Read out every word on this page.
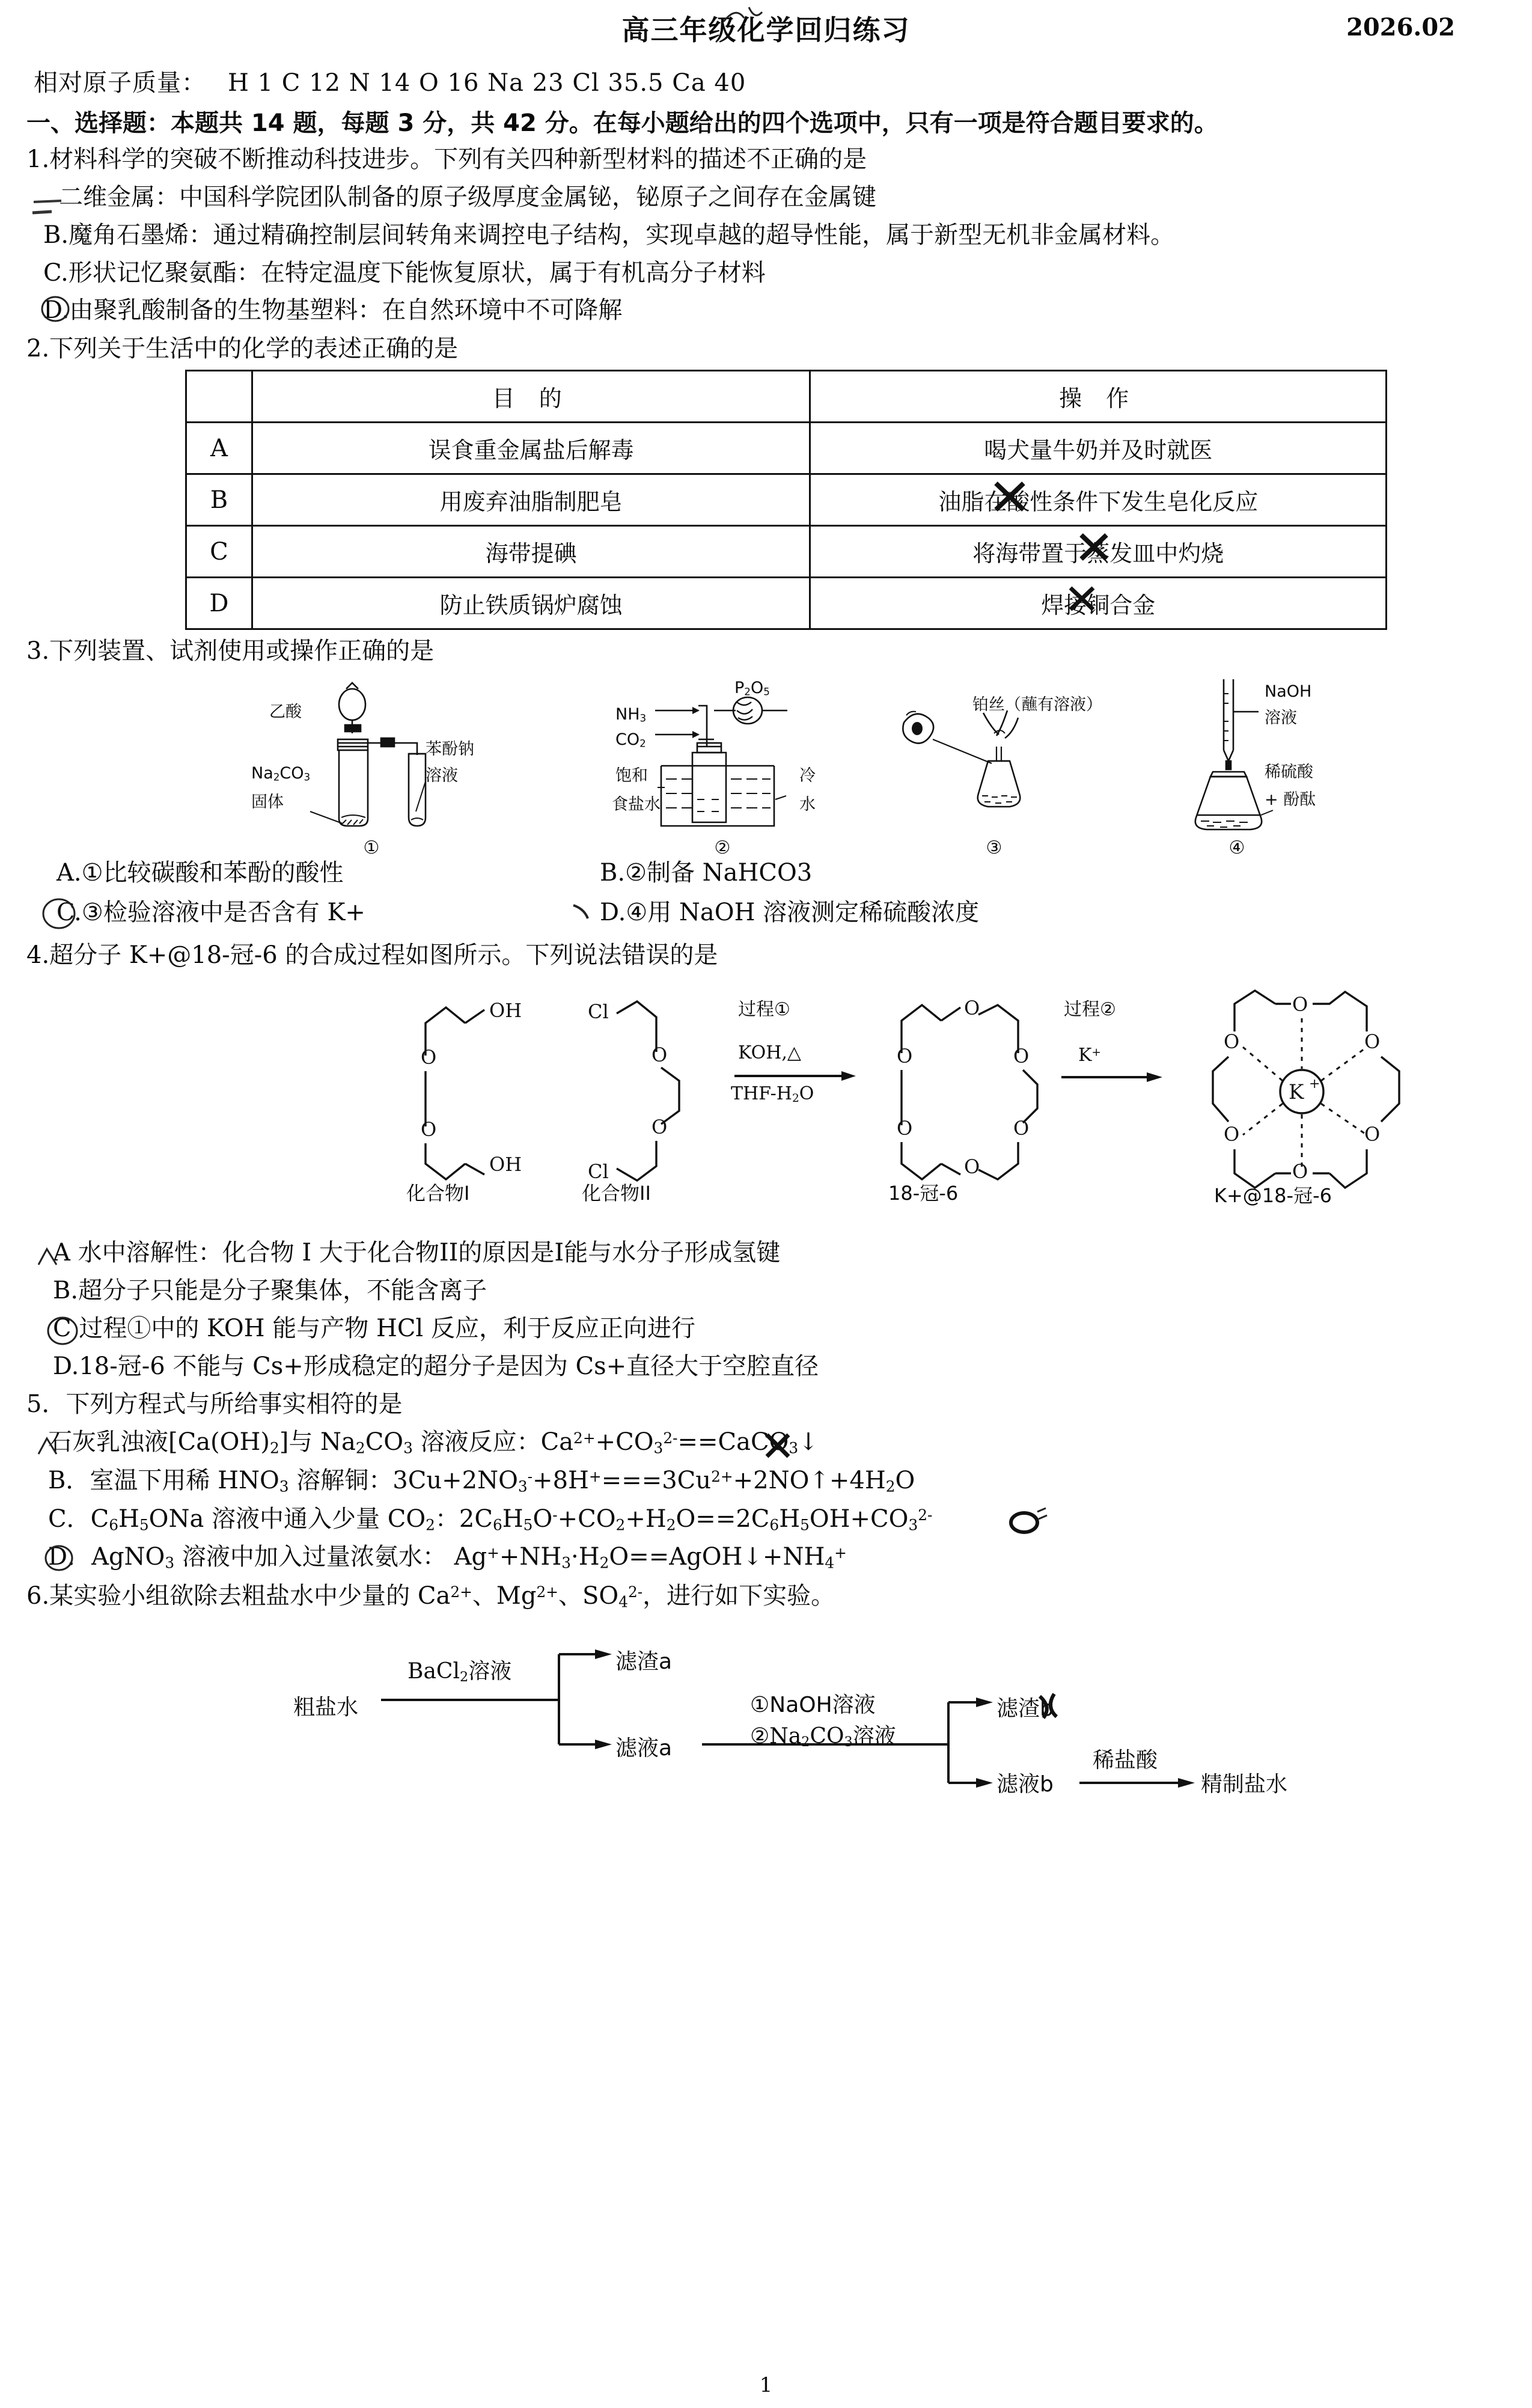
高三年级化学回归练习	2026.02
相对原子质量： H 1 C 12 N 14 O 16 Na 23 Cl 35.5 Ca 40
一、选择题：本题共 14 题，每题 3 分，共 42 分。在每小题给出的四个选项中，只有一项是符合题目要求的。
1.材料科学的突破不断推动科技进步。下列有关四种新型材料的描述不正确的是
二维金属：中国科学院团队制备的原子级厚度金属铋，铋原子之间存在金属键
B.魔角石墨烯：通过精确控制层间转角来调控电子结构，实现卓越的超导性能，属于新型无机非金属材料。
C.形状记忆聚氨酯：在特定温度下能恢复原状，属于有机高分子材料
D.由聚乳酸制备的生物基塑料：在自然环境中不可降解
2.下列关于生活中的化学的表述正确的是
	目 的	操 作
A	误食重金属盐后解毒	喝犬量牛奶并及时就医
B	用废弃油脂制肥皂	油脂在酸性条件下发生皂化反应

C	海带提碘	将海带置于蒸发皿中灼烧

D	防止铁质锅炉腐蚀	焊接铜合金
3.下列装置、试剂使用或操作正确的是
乙酸
$Na_2CO_3$
固体
苯酚钠
溶液
①
$NH_3$
$CO_2$
$P_2O_5$
饱和
食盐水
冷
水
②
铂丝（蘸有溶液）
③
NaOH
溶液
稀硫酸
+ 酚酞
④
A.①比较碳酸和苯酚的酸性	B.②制备 NaHCO3
C.③检验溶液中是否含有 K+	D.④用 NaOH 溶液测定稀硫酸浓度
4.超分子 K+@18-冠-6 的合成过程如图所示。下列说法错误的是
OH
O
O
OH
化合物I
Cl
O
O
Cl
化合物II
过程①
KOH,△
THF-$H_2O$
O
O
O
O
O
O
18-冠-6
过程②
K+
O
O	O
O	O
O
K +
K+@18-冠-6
A 水中溶解性：化合物 I 大于化合物II的原因是I能与水分子形成氢键
B.超分子只能是分子聚集体，不能含离子
C 过程①中的 KOH 能与产物 HCl 反应，利于反应正向进行
D.18-冠-6 不能与 Cs+形成稳定的超分子是因为 Cs+直径大于空腔直径
5．下列方程式与所给事实相符的是
石灰乳浊液$[Ca(OH)_2]$与 $Na_2CO_3$ 溶液反应：$Ca^{2+}+CO_3^{2-}==CaCO_3↓$
B．室温下用稀 $HNO_3$ 溶解铜：$3Cu+2NO_3^-+8H^+===3Cu^{2+}+2NO↑+4H_2O$
C．$C_6H_5ONa$ 溶液中通入少量 $CO_2$：$2C_6H_5O^-+CO_2+H_2O==2C_6H_5OH+CO_3^{2-}$
D．AgNO$_3$ 溶液中加入过量浓氨水： $Ag^++NH_3\cdot H_2O==AgOH↓+NH_4^+$
6.某实验小组欲除去粗盐水中少量的 $Ca^{2+}$、$Mg^{2+}$、$SO_4^{2-}$，进行如下实验。
粗盐水
BaCl$_2$溶液	滤渣a
滤液a
①NaOH溶液
$②Na_2CO_3$溶液
滤渣b
滤液b
稀盐酸
精制盐水
1
